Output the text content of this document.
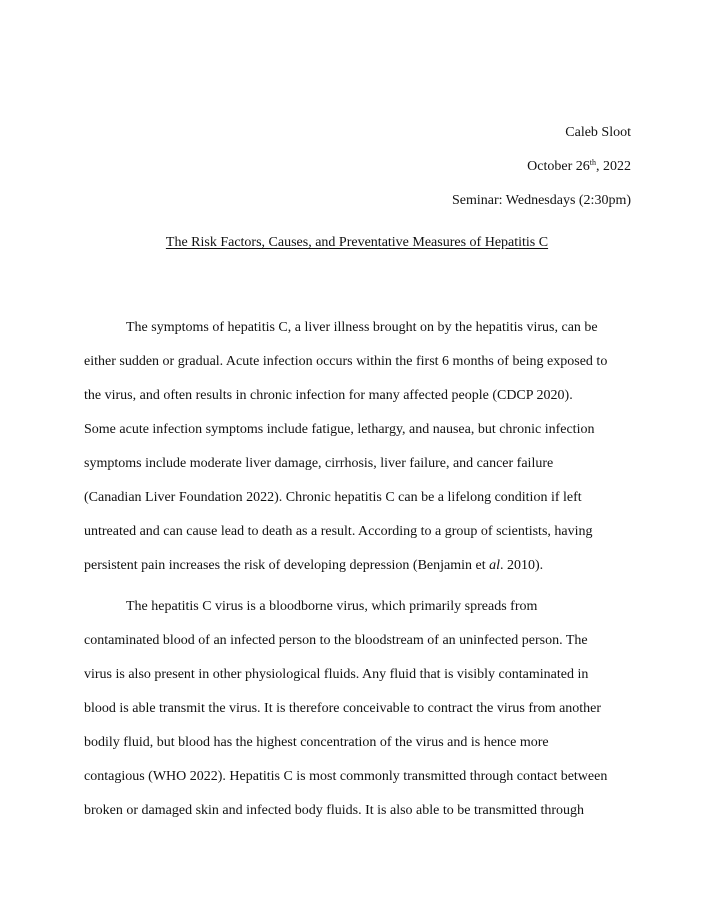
Caleb Sloot
October 26th, 2022
Seminar: Wednesdays (2:30pm)
The Risk Factors, Causes, and Preventative Measures of Hepatitis C
The symptoms of hepatitis C, a liver illness brought on by the hepatitis virus, can be
either sudden or gradual. Acute infection occurs within the first 6 months of being exposed to
the virus, and often results in chronic infection for many affected people (CDCP 2020).
Some acute infection symptoms include fatigue, lethargy, and nausea, but chronic infection
symptoms include moderate liver damage, cirrhosis, liver failure, and cancer failure
(Canadian Liver Foundation 2022). Chronic hepatitis C can be a lifelong condition if left
untreated and can cause lead to death as a result. According to a group of scientists, having
persistent pain increases the risk of developing depression (Benjamin et al. 2010).
The hepatitis C virus is a bloodborne virus, which primarily spreads from
contaminated blood of an infected person to the bloodstream of an uninfected person. The
virus is also present in other physiological fluids. Any fluid that is visibly contaminated in
blood is able transmit the virus. It is therefore conceivable to contract the virus from another
bodily fluid, but blood has the highest concentration of the virus and is hence more
contagious (WHO 2022). Hepatitis C is most commonly transmitted through contact between
broken or damaged skin and infected body fluids. It is also able to be transmitted through
